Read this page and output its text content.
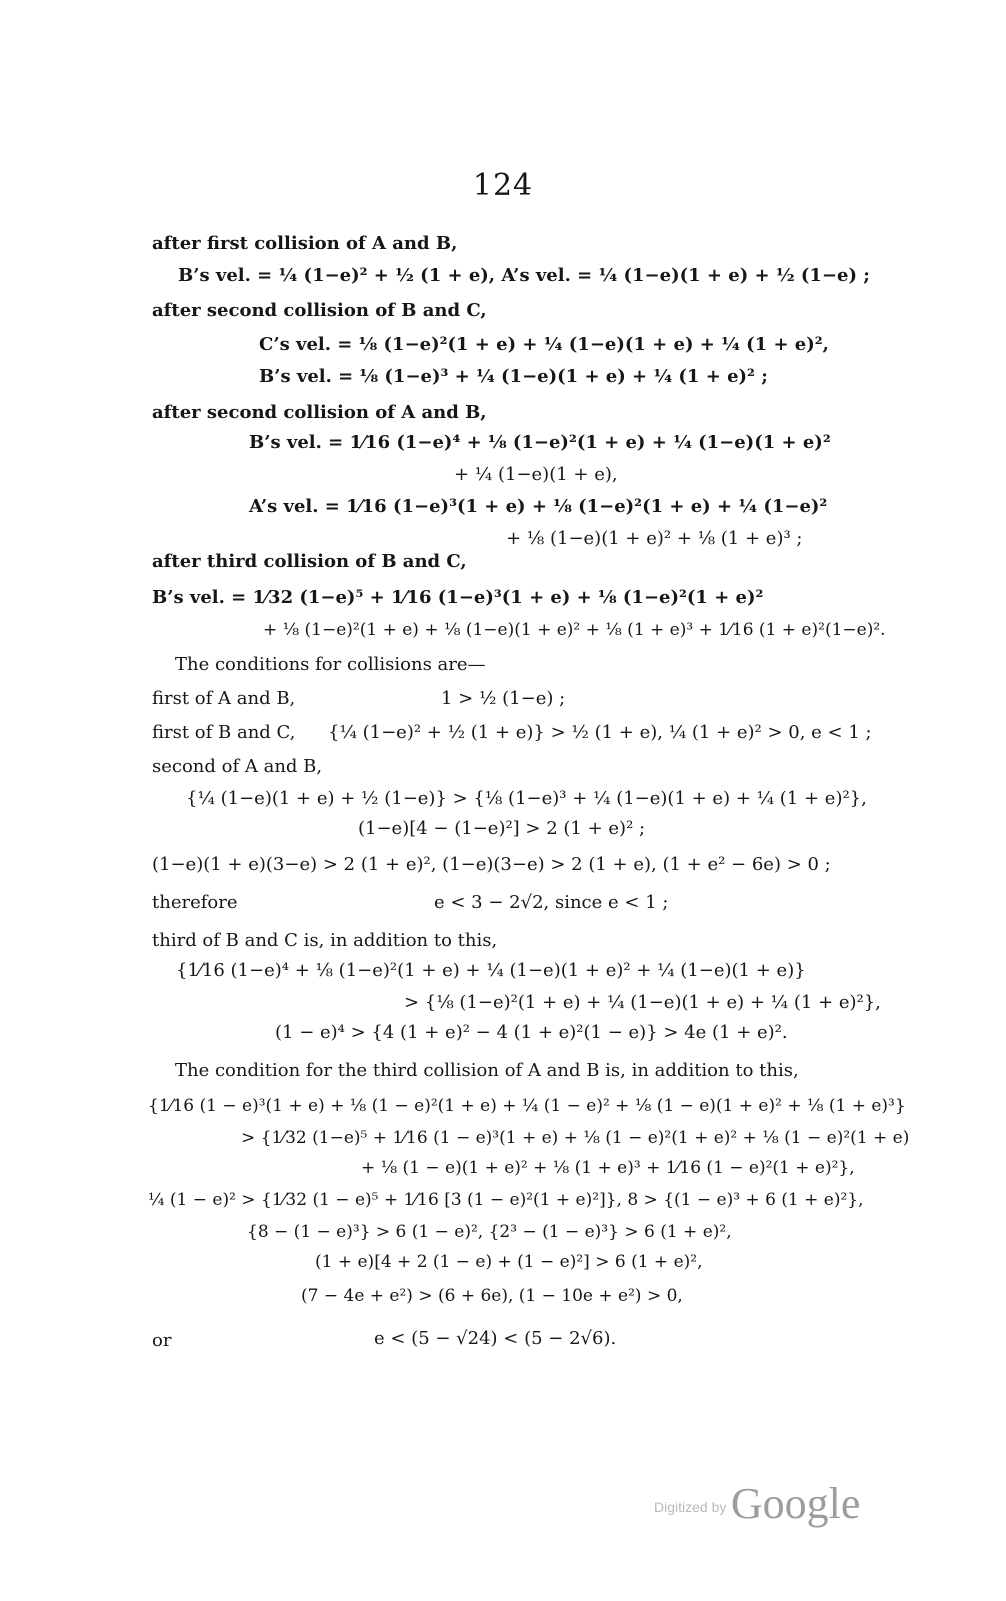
124
after first collision of A and B,
B’s vel. = ¼ (1−e)² + ½ (1 + e), A’s vel. = ¼ (1−e)(1 + e) + ½ (1−e) ;
after second collision of B and C,
C’s vel. = ⅛ (1−e)²(1 + e) + ¼ (1−e)(1 + e) + ¼ (1 + e)²,
B’s vel. = ⅛ (1−e)³ + ¼ (1−e)(1 + e) + ¼ (1 + e)² ;
after second collision of A and B,
B’s vel. = 1⁄16 (1−e)⁴ + ⅛ (1−e)²(1 + e) + ¼ (1−e)(1 + e)²
+ ¼ (1−e)(1 + e),
A’s vel. = 1⁄16 (1−e)³(1 + e) + ⅛ (1−e)²(1 + e) + ¼ (1−e)²
+ ⅛ (1−e)(1 + e)² + ⅛ (1 + e)³ ;
after third collision of B and C,
B’s vel. = 1⁄32 (1−e)⁵ + 1⁄16 (1−e)³(1 + e) + ⅛ (1−e)²(1 + e)²
+ ⅛ (1−e)²(1 + e) + ⅛ (1−e)(1 + e)² + ⅛ (1 + e)³ + 1⁄16 (1 + e)²(1−e)².
The conditions for collisions are—
first of A and B,	1 > ½ (1−e) ;
first of B and C, {¼ (1−e)² + ½ (1 + e)} > ½ (1 + e), ¼ (1 + e)² > 0, e < 1 ;
second of A and B,
{¼ (1−e)(1 + e) + ½ (1−e)} > {⅛ (1−e)³ + ¼ (1−e)(1 + e) + ¼ (1 + e)²},
(1−e)[4 − (1−e)²] > 2 (1 + e)² ;
(1−e)(1 + e)(3−e) > 2 (1 + e)², (1−e)(3−e) > 2 (1 + e), (1 + e² − 6e) > 0 ;
therefore	e < 3 − 2√2, since e < 1 ;
third of B and C is, in addition to this,
{1⁄16 (1−e)⁴ + ⅛ (1−e)²(1 + e) + ¼ (1−e)(1 + e)² + ¼ (1−e)(1 + e)}
> {⅛ (1−e)²(1 + e) + ¼ (1−e)(1 + e) + ¼ (1 + e)²},
(1 − e)⁴ > {4 (1 + e)² − 4 (1 + e)²(1 − e)} > 4e (1 + e)².
The condition for the third collision of A and B is, in addition to this,
{1⁄16 (1 − e)³(1 + e) + ⅛ (1 − e)²(1 + e) + ¼ (1 − e)² + ⅛ (1 − e)(1 + e)² + ⅛ (1 + e)³}
> {1⁄32 (1−e)⁵ + 1⁄16 (1 − e)³(1 + e) + ⅛ (1 − e)²(1 + e)² + ⅛ (1 − e)²(1 + e)
+ ⅛ (1 − e)(1 + e)² + ⅛ (1 + e)³ + 1⁄16 (1 − e)²(1 + e)²},
¼ (1 − e)² > {1⁄32 (1 − e)⁵ + 1⁄16 [3 (1 − e)²(1 + e)²]}, 8 > {(1 − e)³ + 6 (1 + e)²},
{8 − (1 − e)³} > 6 (1 − e)², {2³ − (1 − e)³} > 6 (1 + e)²,
(1 + e)[4 + 2 (1 − e) + (1 − e)²] > 6 (1 + e)²,
(7 − 4e + e²) > (6 + 6e), (1 − 10e + e²) > 0,
or	e < (5 − √24) < (5 − 2√6).
Digitized by Google
